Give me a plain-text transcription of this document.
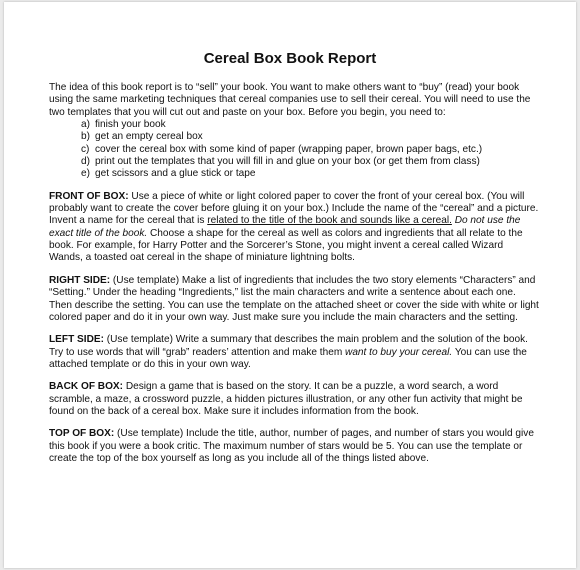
Cereal Box Book Report

The idea of this book report is to “sell” your book. You want to make others want to “buy” (read) your book using the same marketing techniques that cereal companies use to sell their cereal. You will need to use the two templates that you will cut out and paste on your box. Before you begin, you need to:

a) finish your book
b) get an empty cereal box
c) cover the cereal box with some kind of paper (wrapping paper, brown paper bags, etc.)
d) print out the templates that you will fill in and glue on your box (or get them from class)
e) get scissors and a glue stick or tape

FRONT OF BOX: Use a piece of white or light colored paper to cover the front of your cereal box. (You will probably want to create the cover before gluing it on your box.) Include the name of the “cereal” and a picture. Invent a name for the cereal that is related to the title of the book and sounds like a cereal. Do not use the exact title of the book. Choose a shape for the cereal as well as colors and ingredients that all relate to the book. For example, for Harry Potter and the Sorcerer’s Stone, you might invent a cereal called Wizard Wands, a toasted oat cereal in the shape of miniature lightning bolts.

RIGHT SIDE: (Use template) Make a list of ingredients that includes the two story elements “Characters” and “Setting.” Under the heading “Ingredients,” list the main characters and write a sentence about each one. Then describe the setting. You can use the template on the attached sheet or cover the side with white or light colored paper and do it in your own way. Just make sure you include the main characters and the setting.

LEFT SIDE: (Use template) Write a summary that describes the main problem and the solution of the book. Try to use words that will “grab” readers’ attention and make them want to buy your cereal. You can use the attached template or do this in your own way.

BACK OF BOX: Design a game that is based on the story. It can be a puzzle, a word search, a word scramble, a maze, a crossword puzzle, a hidden pictures illustration, or any other fun activity that might be found on the back of a cereal box. Make sure it includes information from the book.

TOP OF BOX: (Use template) Include the title, author, number of pages, and number of stars you would give this book if you were a book critic. The maximum number of stars would be 5. You can use the template or create the top of the box yourself as long as you include all of the things listed above.
